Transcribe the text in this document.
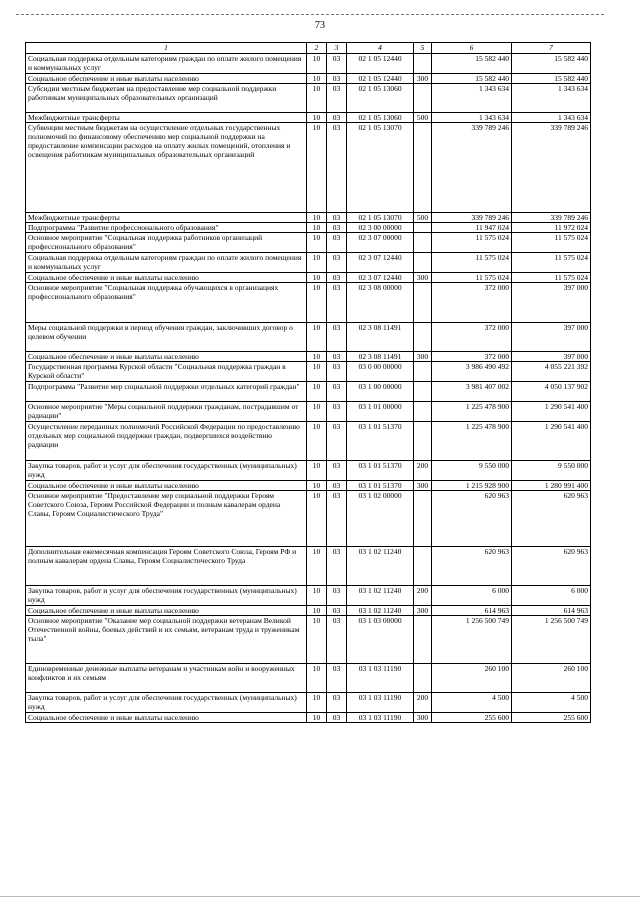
73
1	2	3	4	5	6	7
Социальная поддержка отдельным категориям граждан по оплате жилого помещения и коммунальных услуг	10	03	02 1 05 12440		15 582 440	15 582 440
Социальное обеспечение и иные выплаты населению	10	03	02 1 05 12440	300	15 582 440	15 582 440
Субсидии местным бюджетам на предоставление мер социальной поддержки работникам муниципальных образовательных организаций	10	03	02 1 05 13060		1 343 634	1 343 634
Межбюджетные трансферты	10	03	02 1 05 13060	500	1 343 634	1 343 634
Субвенции местным бюджетам на осуществление отдельных государственных полномочий по финансовому обеспечению мер социальной поддержки на предоставление компенсации расходов на оплату жилых помещений, отопления и освещения работникам муниципальных образовательных организаций	10	03	02 1 05 13070		339 789 246	339 789 246
Межбюджетные трансферты	10	03	02 1 05 13070	500	339 789 246	339 789 246
Подпрограмма "Развитие профессионального образования"	10	03	02 3 00 00000		11 947 024	11 972 024
Основное мероприятие "Социальная поддержка работников организаций профессионального образования"	10	03	02 3 07 00000		11 575 024	11 575 024
Социальная поддержка отдельным категориям граждан по оплате жилого помещения и коммунальных услуг	10	03	02 3 07 12440		11 575 024	11 575 024
Социальное обеспечение и иные выплаты населению	10	03	02 3 07 12440	300	11 575 024	11 575 024
Основное мероприятие "Социальная поддержка обучающихся в организациях профессионального образования"	10	03	02 3 08 00000		372 000	397 000
Меры социальной поддержки в период обучения граждан, заключивших договор о целевом обучении	10	03	02 3 08 11491		372 000	397 000
Социальное обеспечение и иные выплаты населению	10	03	02 3 08 11491	300	372 000	397 000
Государственная программа Курской области "Социальная поддержка граждан в Курской области"	10	03	03 0 00 00000		3 986 490 492	4 055 221 392
Подпрограмма "Развитие мер социальной поддержки отдельных категорий граждан"	10	03	03 1 00 00000		3 981 407 002	4 050 137 902
Основное мероприятие "Меры социальной поддержки гражданам, пострадавшим от радиации"	10	03	03 1 01 00000		1 225 478 900	1 290 541 400
Осуществление переданных полномочий Российской Федерации по предоставлению отдельных мер социальной поддержки граждан, подвергшихся воздействию радиации	10	03	03 1 01 51370		1 225 478 900	1 290 541 400
Закупка товаров, работ и услуг для обеспечения государственных (муниципальных) нужд	10	03	03 1 01 51370	200	9 550 000	9 550 000
Социальное обеспечение и иные выплаты населению	10	03	03 1 01 51370	300	1 215 928 900	1 280 991 400
Основное мероприятие "Предоставление мер социальной поддержки Героям Советского Союза, Героям Российской Федерации и полным кавалерам ордена Славы, Героям Социалистического Труда"	10	03	03 1 02 00000		620 963	620 963
Дополнительная ежемесячная компенсация Героям Советского Союза, Героям РФ и полным кавалерам ордена Славы, Героям Социалистического Труда	10	03	03 1 02 11240		620 963	620 963
Закупка товаров, работ и услуг для обеспечения государственных (муниципальных) нужд	10	03	03 1 02 11240	200	6 000	6 000
Социальное обеспечение и иные выплаты населению	10	03	03 1 02 11240	300	614 963	614 963
Основное мероприятие "Оказание мер социальной поддержки ветеранам Великой Отечественной войны, боевых действий и их семьям, ветеранам труда и труженикам тыла"	10	03	03 1 03 00000		1 256 500 749	1 256 500 749
Единовременные денежные выплаты ветеранам и участникам войн и вооруженных конфликтов и их семьям	10	03	03 1 03 11190		260 100	260 100
Закупка товаров, работ и услуг для обеспечения государственных (муниципальных) нужд	10	03	03 1 03 11190	200	4 500	4 500
Социальное обеспечение и иные выплаты населению	10	03	03 1 03 11190	300	255 600	255 600
